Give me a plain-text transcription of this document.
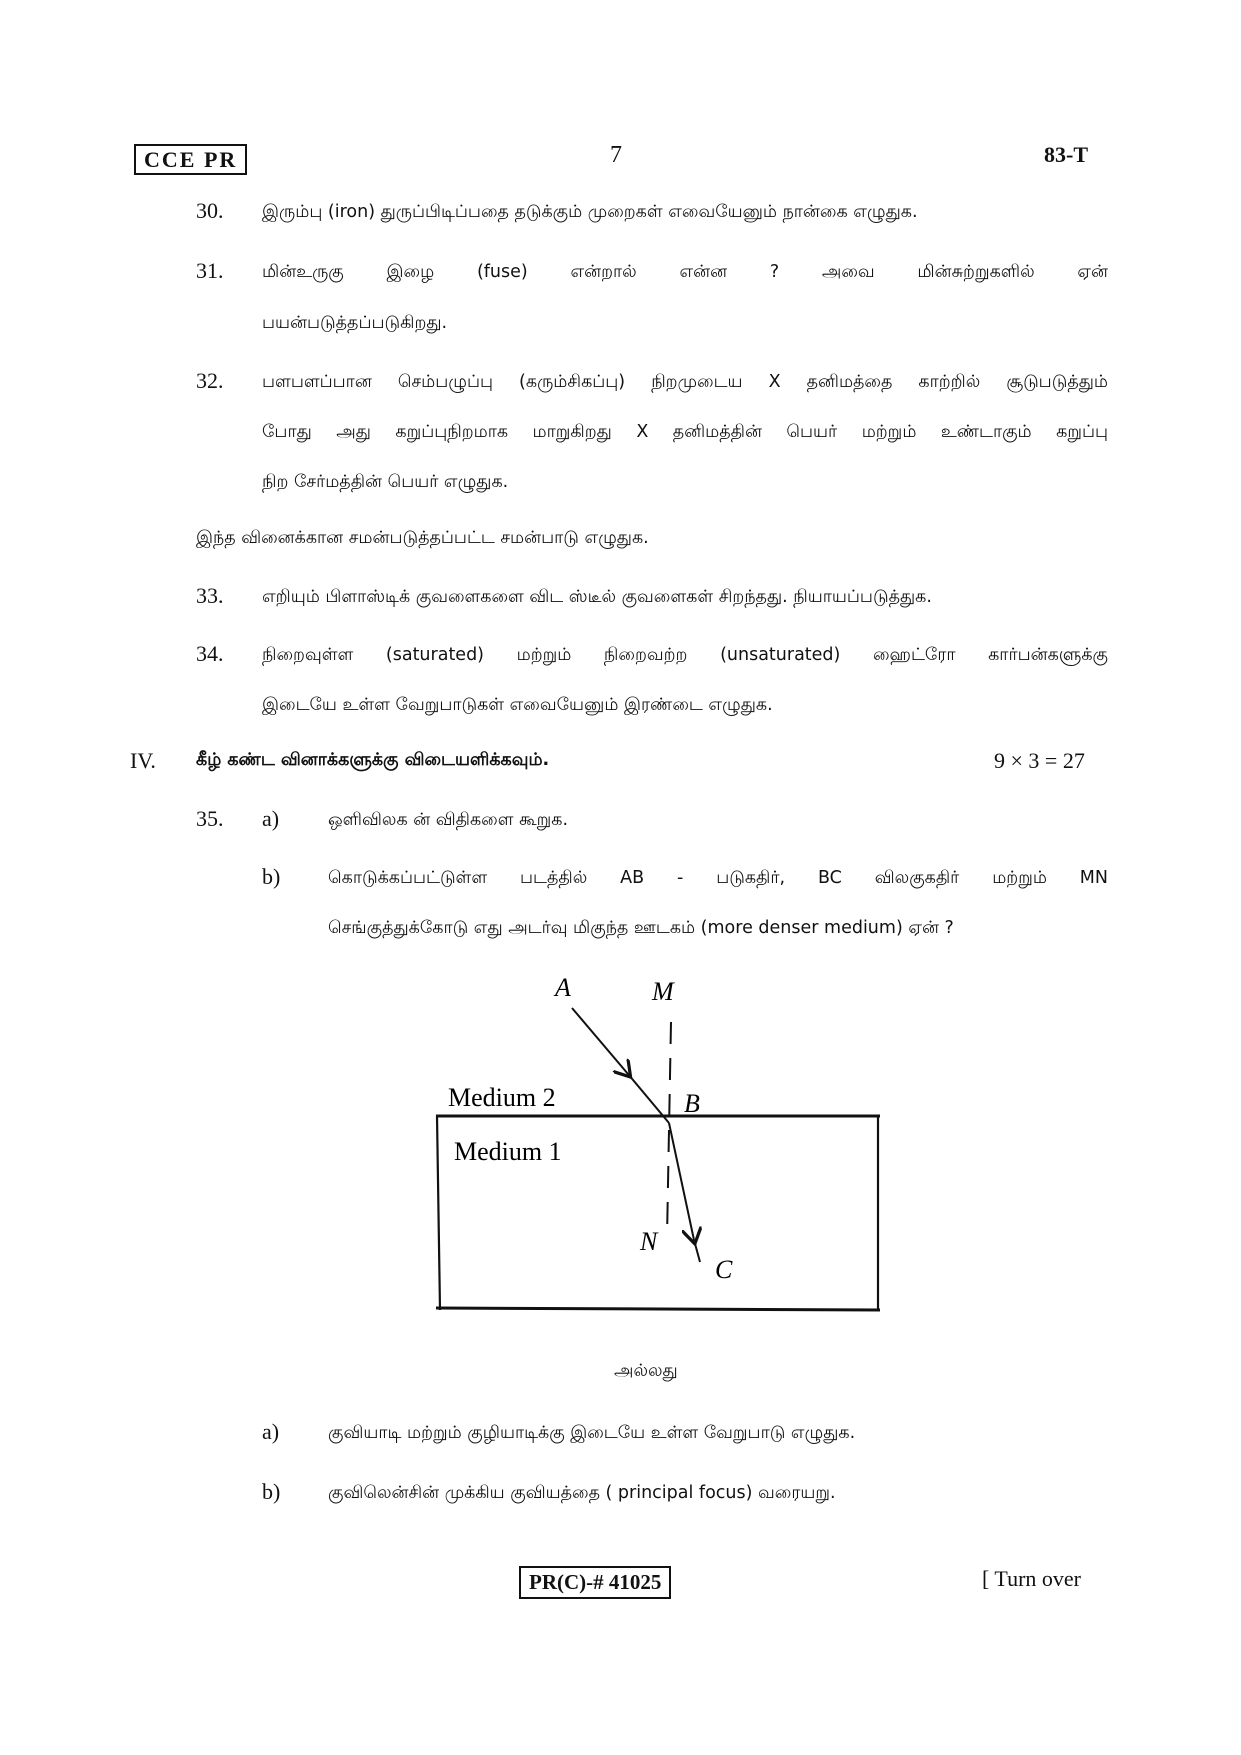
CCE PR	7	83-T
30. இரும்பு (iron) துருப்பிடிப்பதை தடுக்கும் முறைகள் எவையேனும் நான்கை எழுதுக.
31. மின்உருகு இழை (fuse) என்றால் என்ன ? அவை மின்சுற்றுகளில் ஏன்
பயன்படுத்தப்படுகிறது.
32. பளபளப்பான செம்பழுப்பு (கரும்சிகப்பு) நிறமுடைய X தனிமத்தை காற்றில் சூடுபடுத்தும்
போது அது கறுப்புநிறமாக மாறுகிறது X தனிமத்தின் பெயர் மற்றும் உண்டாகும் கறுப்பு
நிற சேர்மத்தின் பெயர் எழுதுக.
இந்த வினைக்கான சமன்படுத்தப்பட்ட சமன்பாடு எழுதுக.
33. எறியும் பிளாஸ்டிக் குவளைகளை விட ஸ்டீல் குவளைகள் சிறந்தது. நியாயப்படுத்துக.
34. நிறைவுள்ள (saturated) மற்றும் நிறைவற்ற (unsaturated) ஹைட்ரோ கார்பன்களுக்கு
இடையே உள்ள வேறுபாடுகள் எவையேனும் இரண்டை எழுதுக.
IV. கீழ் கண்ட வினாக்களுக்கு விடையளிக்கவும்.	9 × 3 = 27
35. a)	ஒளிவிலக ன் விதிகளை கூறுக.
b)	கொடுக்கப்பட்டுள்ள படத்தில் AB - படுகதிர், BC விலகுகதிர் மற்றும் MN
செங்குத்துக்கோடு எது அடர்வு மிகுந்த ஊடகம் (more denser medium) ஏன் ?
A	M
B
N
C
Medium 2
Medium 1
அல்லது
a)	குவியாடி மற்றும் குழியாடிக்கு இடையே உள்ள வேறுபாடு எழுதுக.
b)	குவிலென்சின் முக்கிய குவியத்தை ( principal focus) வரையறு.
PR(C)-# 41025	[ Turn over
